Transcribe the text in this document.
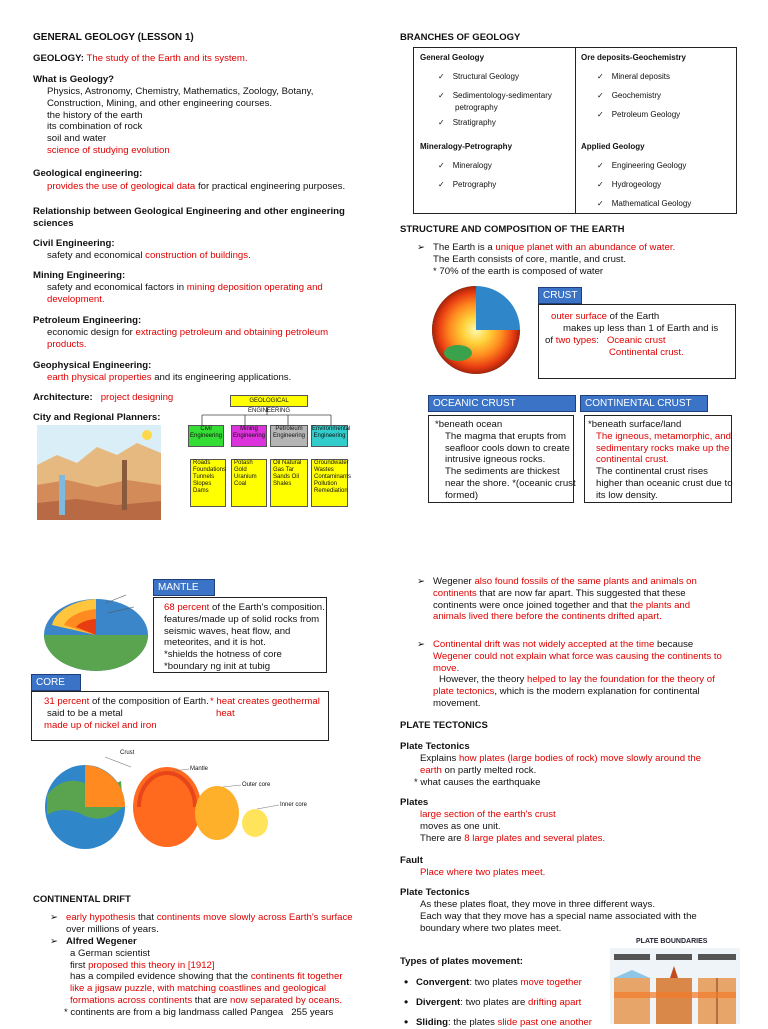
GENERAL GEOLOGY (LESSON 1)
GEOLOGY: The study of the Earth and its system.
What is Geology?
Physics, Astronomy, Chemistry, Mathematics, Zoology, Botany,
Construction, Mining, and other engineering courses.
the history of the earth
its combination of rock
soil and water
science of studying evolution
Geological engineering:
provides the use of geological data for practical engineering purposes.
Relationship between Geological Engineering and other engineering sciences
Civil Engineering:
safety and economical construction of buildings.
Mining Engineering:
safety and economical factors in mining deposition operating and
development.
Petroleum Engineering:
economic design for extracting petroleum and obtaining petroleum
products.
Geophysical Engineering:
earth physical properties and its engineering applications.
Architecture: project designing
City and Regional Planners:
GEOLOGICAL ENGINEERING
Civil Engineering
Mining Engineering
Petroleum Engineering
Environmental Engineering
Roads Foundations Tunnels Slopes Dams
Potash Gold Uranium Coal
Oil Natural Gas Tar Sands Oil Shales
Groundwater Wastes Contaminants Pollution Remediation
BRANCHES OF GEOLOGY
General Geology
✓ Structural Geology
✓ Sedimentology-sedimentary
petrography
✓ Stratigraphy
Mineralogy-Petrography
✓ Mineralogy
✓ Petrography
Ore deposits-Geochemistry
✓ Mineral deposits
✓ Geochemistry
✓ Petroleum Geology
Applied Geology
✓ Engineering Geology
✓ Hydrogeology
✓ Mathematical Geology
STRUCTURE AND COMPOSITION OF THE EARTH
➢ The Earth is a unique planet with an abundance of water.
The Earth consists of core, mantle, and crust.
* 70% of the earth is composed of water
CRUST
outer surface of the Earth
makes up less than 1 of Earth and is
of two types: Oceanic crust
Continental crust.
OCEANIC CRUST
*beneath ocean
The magma that erupts from
seafloor cools down to create
intrusive igneous rocks.
The sediments are thickest
near the shore. *(oceanic crust
formed)
CONTINENTAL CRUST
*beneath surface/land
The igneous, metamorphic, and
sedimentary rocks make up the
continental crust.
The continental crust rises
higher than oceanic crust due to
its low density.
MANTLE
68 percent of the Earth's composition.
features/made up of solid rocks from
seismic waves, heat flow, and
meteorites, and it is hot.
*shields the hotness of core
*boundary ng init at tubig
CORE
31 percent of the composition of Earth.
said to be a metal
made up of nickel and iron
* heat creates geothermal
heat
Crust
Mantle
Outer core
Inner core
CONTINENTAL DRIFT
➢ early hypothesis that continents move slowly across Earth's surface
over millions of years.
➢ Alfred Wegener
a German scientist
first proposed this theory in [1912]
has a compiled evidence showing that the continents fit together
like a jigsaw puzzle, with matching coastlines and geological
formations across continents that are now separated by oceans.
* continents are from a big landmass called Pangea 255 years
➢ Wegener also found fossils of the same plants and animals on
continents that are now far apart. This suggested that these
continents were once joined together and that the plants and
animals lived there before the continents drifted apart.
➢ Continental drift was not widely accepted at the time because
Wegener could not explain what force was causing the continents to
move.
However, the theory helped to lay the foundation for the theory of
plate tectonics, which is the modern explanation for continental
movement.
PLATE TECTONICS
Plate Tectonics
Explains how plates (large bodies of rock) move slowly around the
earth on partly melted rock.
* what causes the earthquake
Plates
large section of the earth's crust
moves as one unit.
There are 8 large plates and several plates.
Fault
Place where two plates meet.
Plate Tectonics
As these plates float, they move in three different ways.
Each way that they move has a special name associated with the
boundary where two plates meet.
Types of plates movement:
• Convergent: two plates move together
• Divergent: two plates are drifting apart
• Sliding: the plates slide past one another
PLATE BOUNDARIES
